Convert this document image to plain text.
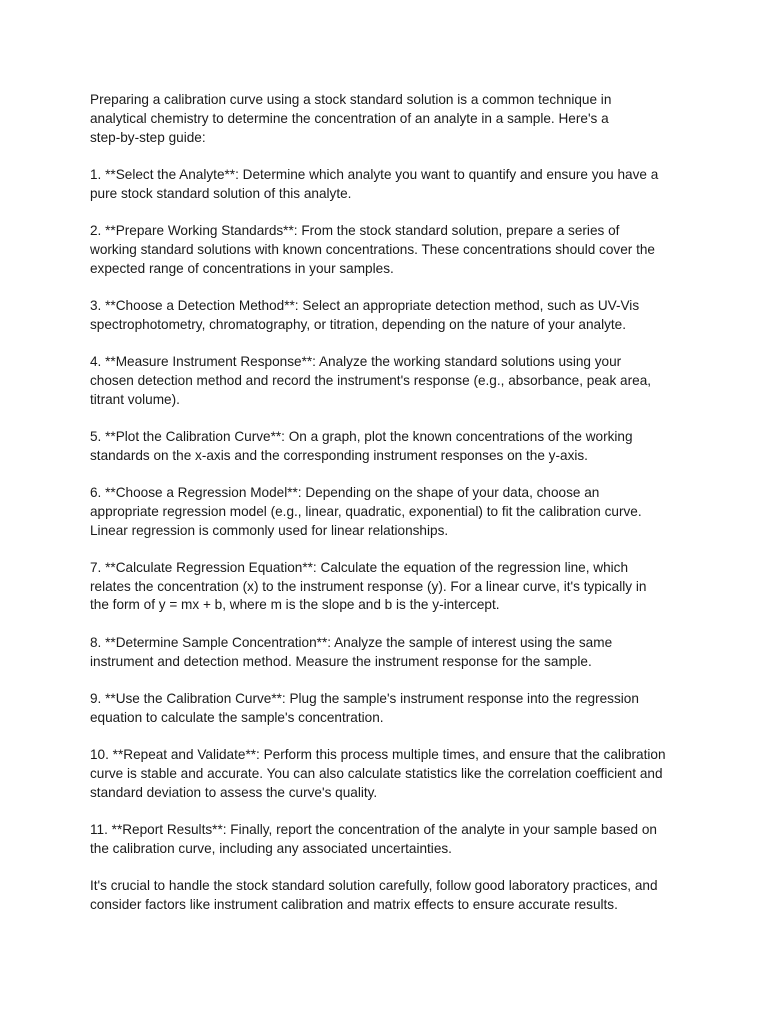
Preparing a calibration curve using a stock standard solution is a common technique in
analytical chemistry to determine the concentration of an analyte in a sample. Here's a
step-by-step guide:

1. **Select the Analyte**: Determine which analyte you want to quantify and ensure you have a
pure stock standard solution of this analyte.

2. **Prepare Working Standards**: From the stock standard solution, prepare a series of
working standard solutions with known concentrations. These concentrations should cover the
expected range of concentrations in your samples.

3. **Choose a Detection Method**: Select an appropriate detection method, such as UV-Vis
spectrophotometry, chromatography, or titration, depending on the nature of your analyte.

4. **Measure Instrument Response**: Analyze the working standard solutions using your
chosen detection method and record the instrument's response (e.g., absorbance, peak area,
titrant volume).

5. **Plot the Calibration Curve**: On a graph, plot the known concentrations of the working
standards on the x-axis and the corresponding instrument responses on the y-axis.

6. **Choose a Regression Model**: Depending on the shape of your data, choose an
appropriate regression model (e.g., linear, quadratic, exponential) to fit the calibration curve.
Linear regression is commonly used for linear relationships.

7. **Calculate Regression Equation**: Calculate the equation of the regression line, which
relates the concentration (x) to the instrument response (y). For a linear curve, it's typically in
the form of y = mx + b, where m is the slope and b is the y-intercept.

8. **Determine Sample Concentration**: Analyze the sample of interest using the same
instrument and detection method. Measure the instrument response for the sample.

9. **Use the Calibration Curve**: Plug the sample's instrument response into the regression
equation to calculate the sample's concentration.

10. **Repeat and Validate**: Perform this process multiple times, and ensure that the calibration
curve is stable and accurate. You can also calculate statistics like the correlation coefficient and
standard deviation to assess the curve's quality.

11. **Report Results**: Finally, report the concentration of the analyte in your sample based on
the calibration curve, including any associated uncertainties.

It's crucial to handle the stock standard solution carefully, follow good laboratory practices, and
consider factors like instrument calibration and matrix effects to ensure accurate results.
